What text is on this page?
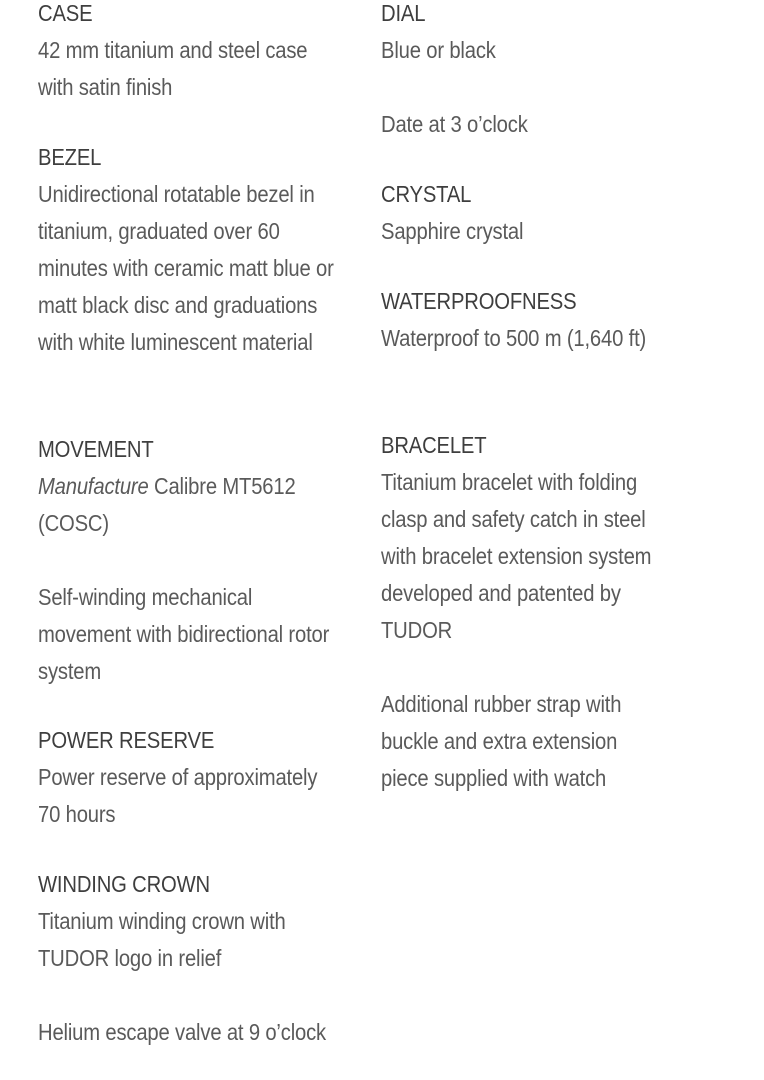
CASE
42 mm titanium and steel case with satin finish
BEZEL
Unidirectional rotatable bezel in titanium, graduated over 60 minutes with ceramic matt blue or matt black disc and graduations with white luminescent material
MOVEMENT
Manufacture Calibre MT5612 (COSC)
Self-winding mechanical movement with bidirectional rotor system
POWER RESERVE
Power reserve of approximately 70 hours
WINDING CROWN
Titanium winding crown with TUDOR logo in relief
Helium escape valve at 9 o’clock
DIAL
Blue or black
Date at 3 o’clock
CRYSTAL
Sapphire crystal
WATERPROOFNESS
Waterproof to 500 m (1,640 ft)
BRACELET
Titanium bracelet with folding clasp and safety catch in steel with bracelet extension system developed and patented by TUDOR
Additional rubber strap with buckle and extra extension piece supplied with watch
